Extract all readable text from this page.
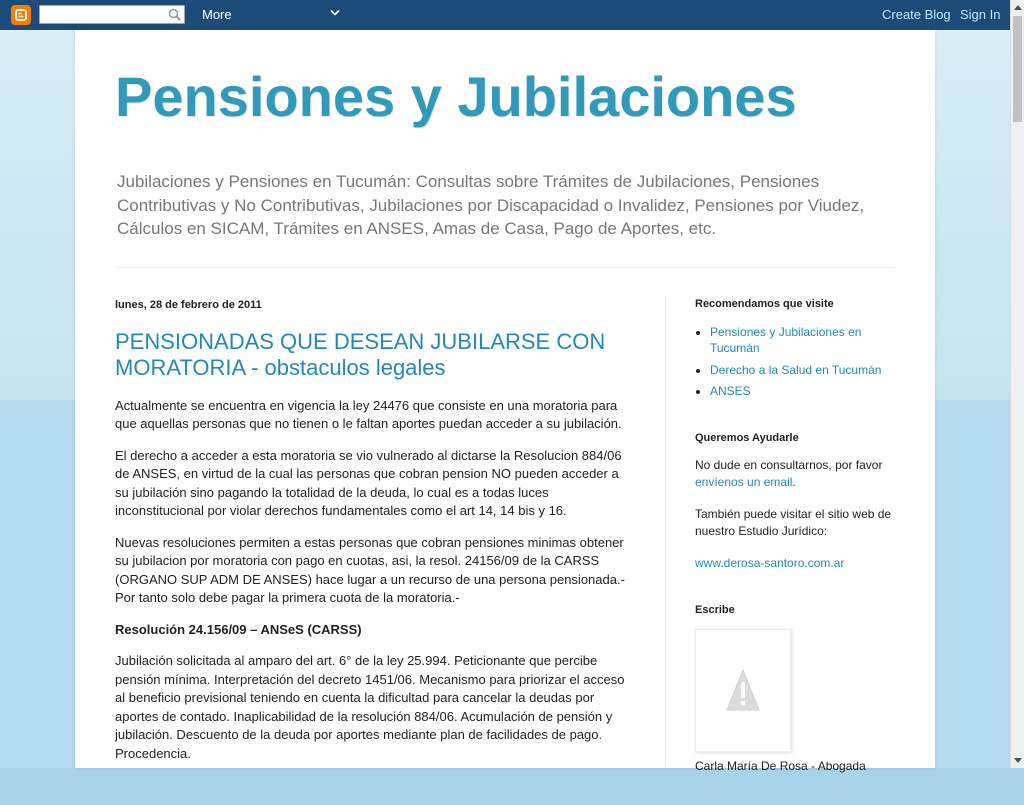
More	Create Blog Sign In
Pensiones y Jubilaciones
Jubilaciones y Pensiones en Tucumán: Consultas sobre Trámites de Jubilaciones, Pensiones Contributivas y No Contributivas, Jubilaciones por Discapacidad o Invalidez, Pensiones por Viudez, Cálculos en SICAM, Trámites en ANSES, Amas de Casa, Pago de Aportes, etc.
lunes, 28 de febrero de 2011
PENSIONADAS QUE DESEAN JUBILARSE CON MORATORIA - obstaculos legales

Actualmente se encuentra en vigencia la ley 24476 que consiste en una moratoria para que aquellas personas que no tienen o le faltan aportes puedan acceder a su jubilación.

El derecho a acceder a esta moratoria se vio vulnerado al dictarse la Resolucion 884/06 de ANSES, en virtud de la cual las personas que cobran pension NO pueden acceder a su jubilación sino pagando la totalidad de la deuda, lo cual es a todas luces inconstitucional por violar derechos fundamentales como el art 14, 14 bis y 16.

Nuevas resoluciones permiten a estas personas que cobran pensiones minimas obtener su jubilacion por moratoria con pago en cuotas, asi, la resol. 24156/09 de la CARSS (ORGANO SUP ADM DE ANSES) hace lugar a un recurso de una persona pensionada.- Por tanto solo debe pagar la primera cuota de la moratoria.-

Resolución 24.156/09 – ANSeS (CARSS)

Jubilación solicitada al amparo del art. 6° de la ley 25.994. Peticionante que percibe pensión mínima. Interpretación del decreto 1451/06. Mecanismo para priorizar el acceso al beneficio previsional teniendo en cuenta la dificultad para cancelar la deudas por aportes de contado. Inaplicabilidad de la resolución 884/06. Acumulación de pensión y jubilación. Descuento de la deuda por aportes mediante plan de facilidades de pago. Procedencia.

Recomendamos que visite
• Pensiones y Jubilaciones en Tucumán
• Derecho a la Salud en Tucumán
• ANSES
Queremos Ayudarle

No dude en consultarnos, por favor envíenos un email.

También puede visitar el sitio web de nuestro Estudio Jurídico:

www.derosa-santoro.com.ar

Escribe
Carla María De Rosa - Abogada
